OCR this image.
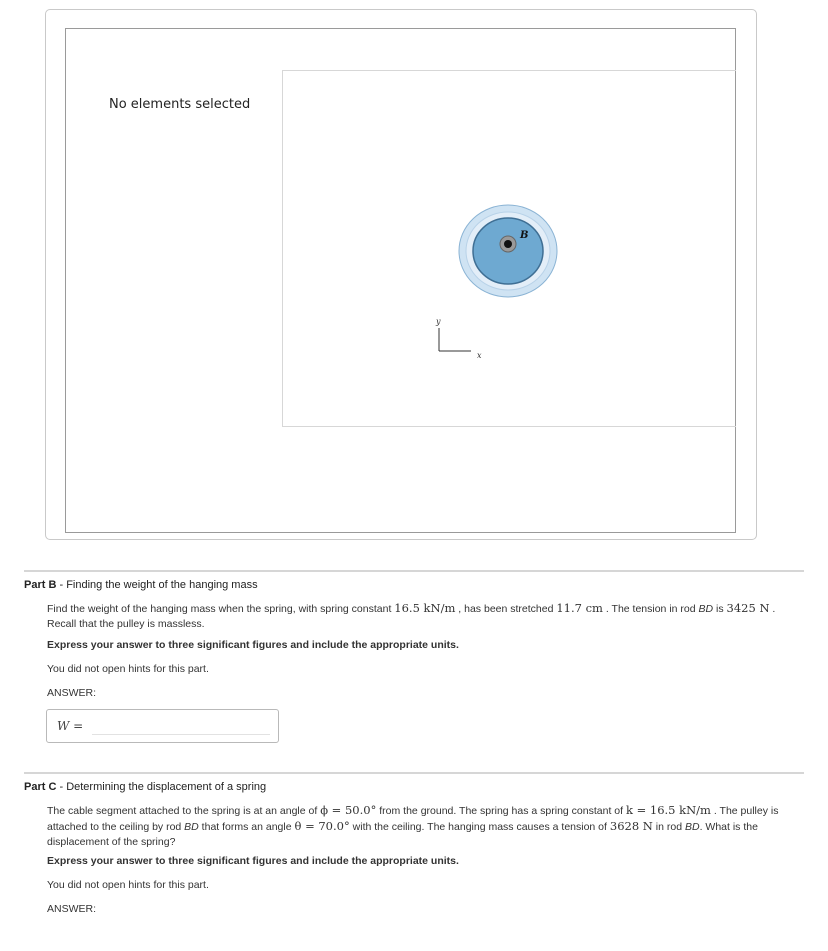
No elements selected
B
y
x
Part B - Finding the weight of the hanging mass
Find the weight of the hanging mass when the spring, with spring constant 16.5 kN/m , has been stretched 11.7 cm . The tension in rod BD is 3425 N . Recall that the pulley is massless.
Express your answer to three significant figures and include the appropriate units.
You did not open hints for this part.
ANSWER:
W =
Part C - Determining the displacement of a spring
The cable segment attached to the spring is at an angle of ϕ = 50.0° from the ground. The spring has a spring constant of k = 16.5 kN/m . The pulley is attached to the ceiling by rod BD that forms an angle θ = 70.0° with the ceiling. The hanging mass causes a tension of 3628 N in rod BD. What is the displacement of the spring?
Express your answer to three significant figures and include the appropriate units.
You did not open hints for this part.
ANSWER:
